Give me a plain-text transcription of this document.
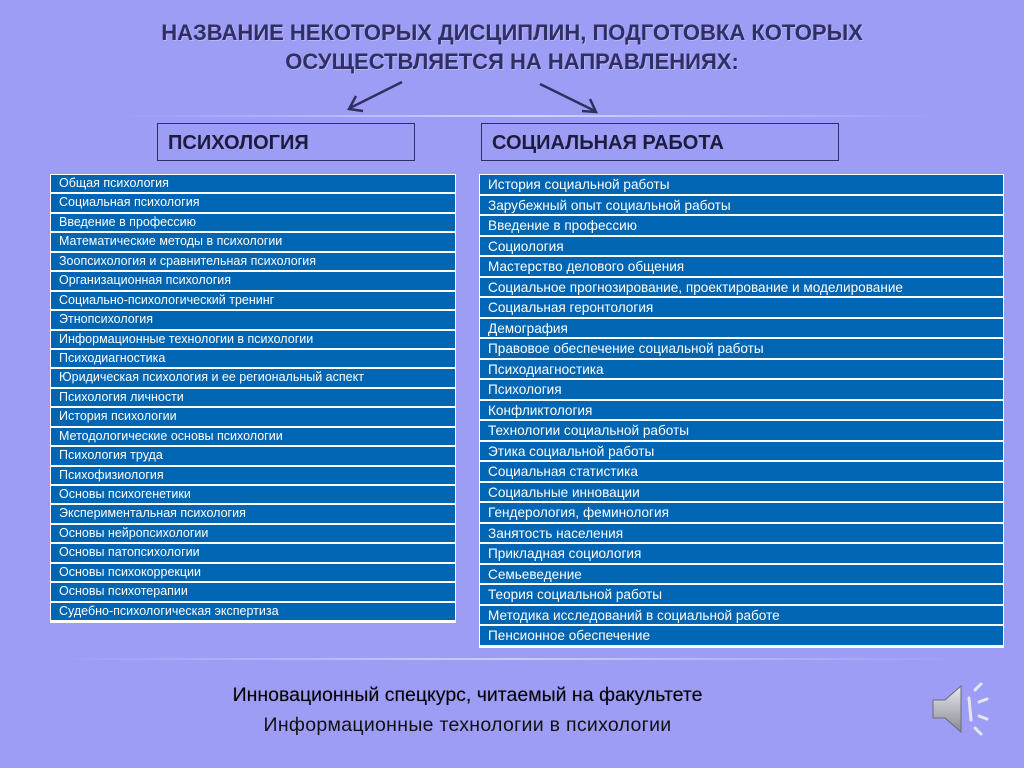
НАЗВАНИЕ НЕКОТОРЫХ ДИСЦИПЛИН, ПОДГОТОВКА КОТОРЫХ
ОСУЩЕСТВЛЯЕТСЯ НА НАПРАВЛЕНИЯХ:
ПСИХОЛОГИЯ	СОЦИАЛЬНАЯ РАБОТА
Общая психология
Социальная психология
Введение в профессию
Математические методы в психологии
Зоопсихология и сравнительная психология
Организационная психология
Социально-психологический тренинг
Этнопсихология
Информационные технологии в психологии
Психодиагностика
Юридическая психология и ее региональный аспект
Психология личности
История психологии
Методологические основы психологии
Психология труда
Психофизиология
Основы психогенетики
Экспериментальная психология
Основы нейропсихологии
Основы патопсихологии
Основы психокоррекции
Основы психотерапии
Судебно-психологическая экспертиза
История социальной работы
Зарубежный опыт социальной работы
Введение в профессию
Социология
Мастерство делового общения
Социальное прогнозирование, проектирование и моделирование
Социальная геронтология
Демография
Правовое обеспечение социальной работы
Психодиагностика
Психология
Конфликтология
Технологии социальной работы
Этика социальной работы
Социальная статистика
Социальные инновации
Гендерология, феминология
Занятость населения
Прикладная социология
Семьеведение
Теория социальной работы
Методика исследований в социальной работе
Пенсионное обеспечение
Инновационный спецкурс, читаемый на факультете
Информационные технологии в психологии
